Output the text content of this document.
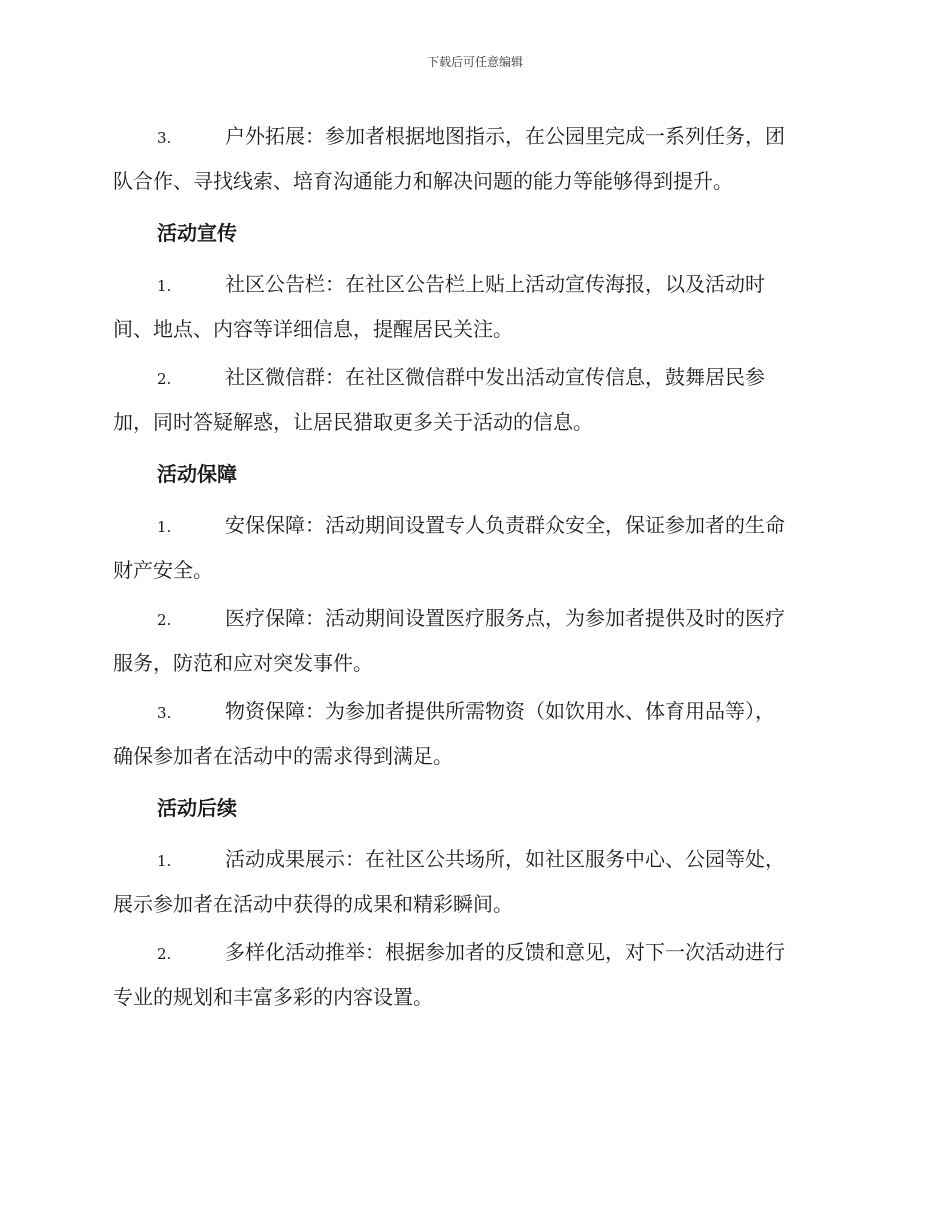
下载后可任意编辑
3.	户外拓展：参加者根据地图指示，在公园里完成一系列任务，团
队合作、寻找线索、培育沟通能力和解决问题的能力等能够得到提升。
活动宣传
1.	社区公告栏：在社区公告栏上贴上活动宣传海报，以及活动时
间、地点、内容等详细信息，提醒居民关注。
2.	社区微信群：在社区微信群中发出活动宣传信息，鼓舞居民参
加，同时答疑解惑，让居民猎取更多关于活动的信息。
活动保障
1.	安保保障：活动期间设置专人负责群众安全，保证参加者的生命
财产安全。
2.	医疗保障：活动期间设置医疗服务点，为参加者提供及时的医疗
服务，防范和应对突发事件。
3.	物资保障：为参加者提供所需物资（如饮用水、体育用品等），
确保参加者在活动中的需求得到满足。
活动后续
1.	活动成果展示：在社区公共场所，如社区服务中心、公园等处，
展示参加者在活动中获得的成果和精彩瞬间。
2.	多样化活动推举：根据参加者的反馈和意见，对下一次活动进行
专业的规划和丰富多彩的内容设置。
